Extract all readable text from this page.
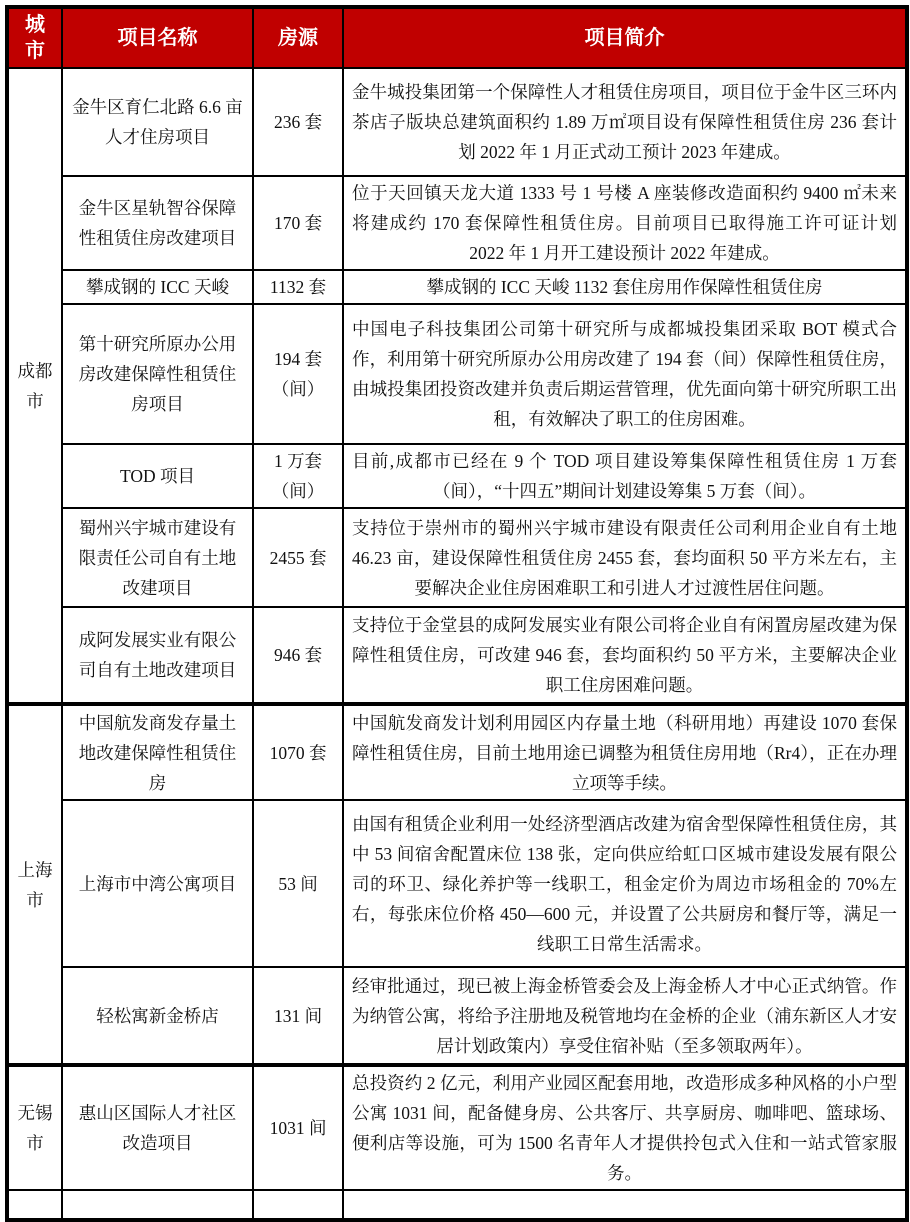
城市	项目名称	房源	项目简介
成都市	金牛区育仁北路 6.6 亩人才住房项目	236 套	金牛城投集团第一个保障性人才租赁住房项目，项目位于金牛区三环内茶店子版块总建筑面积约 1.89 万㎡项目设有保障性租赁住房 236 套计划 2022 年 1 月正式动工预计 2023 年建成。
	金牛区星轨智谷保障性租赁住房改建项目	170 套	位于天回镇天龙大道 1333 号 1 号楼 A 座装修改造面积约 9400 ㎡未来将建成约 170 套保障性租赁住房。目前项目已取得施工许可证计划 2022 年 1 月开工建设预计 2022 年建成。
	攀成钢的 ICC 天峻	1132 套	攀成钢的 ICC 天峻 1132 套住房用作保障性租赁住房
	第十研究所原办公用房改建保障性租赁住房项目	194 套（间）	中国电子科技集团公司第十研究所与成都城投集团采取 BOT 模式合作，利用第十研究所原办公用房改建了 194 套（间）保障性租赁住房，由城投集团投资改建并负责后期运营管理，优先面向第十研究所职工出租，有效解决了职工的住房困难。
	TOD 项目	1 万套（间）	目前,成都市已经在 9 个 TOD 项目建设筹集保障性租赁住房 1 万套（间），“十四五”期间计划建设筹集 5 万套（间）。
	蜀州兴宇城市建设有限责任公司自有土地改建项目	2455 套	支持位于崇州市的蜀州兴宇城市建设有限责任公司利用企业自有土地 46.23 亩，建设保障性租赁住房 2455 套，套均面积 50 平方米左右，主要解决企业住房困难职工和引进人才过渡性居住问题。
	成阿发展实业有限公司自有土地改建项目	946 套	支持位于金堂县的成阿发展实业有限公司将企业自有闲置房屋改建为保障性租赁住房，可改建 946 套，套均面积约 50 平方米，主要解决企业职工住房困难问题。
上海市	中国航发商发存量土地改建保障性租赁住房	1070 套	中国航发商发计划利用园区内存量土地（科研用地）再建设 1070 套保障性租赁住房，目前土地用途已调整为租赁住房用地（Rr4），正在办理立项等手续。
	上海市中湾公寓项目	53 间	由国有租赁企业利用一处经济型酒店改建为宿舍型保障性租赁住房，其中 53 间宿舍配置床位 138 张，定向供应给虹口区城市建设发展有限公司的环卫、绿化养护等一线职工，租金定价为周边市场租金的 70%左右，每张床位价格 450—600 元，并设置了公共厨房和餐厅等，满足一线职工日常生活需求。
	轻松寓新金桥店	131 间	经审批通过，现已被上海金桥管委会及上海金桥人才中心正式纳管。作为纳管公寓，将给予注册地及税管地均在金桥的企业（浦东新区人才安居计划政策内）享受住宿补贴（至多领取两年）。
无锡市	惠山区国际人才社区改造项目	1031 间	总投资约 2 亿元，利用产业园区配套用地，改造形成多种风格的小户型公寓 1031 间，配备健身房、公共客厅、共享厨房、咖啡吧、篮球场、便利店等设施，可为 1500 名青年人才提供拎包式入住和一站式管家服务。
